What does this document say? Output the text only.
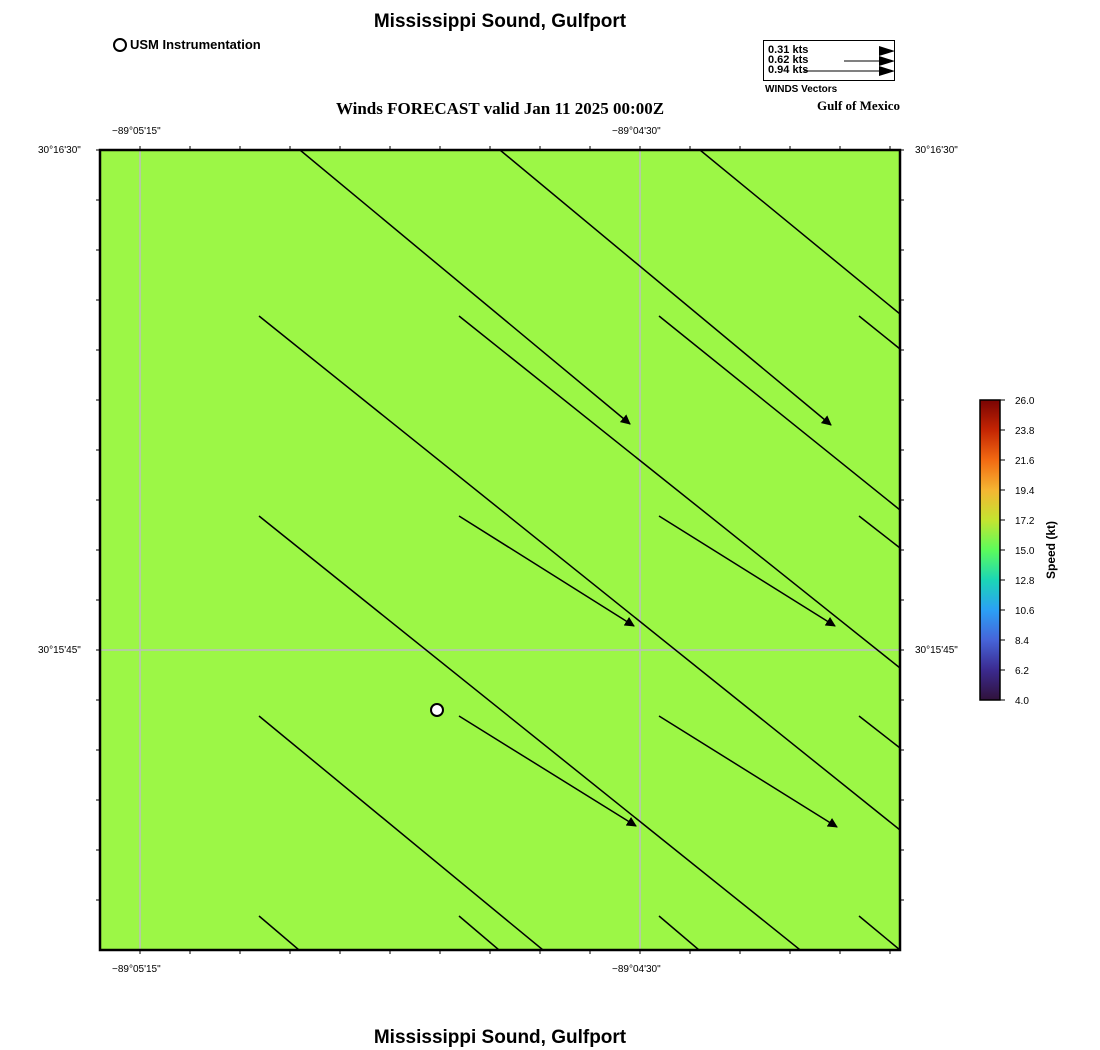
Mississippi Sound, Gulfport
USM Instrumentation	0.31 kts
0.62 kts
0.94 kts
WINDS Vectors
Gulf of Mexico
Winds FORECAST valid Jan 11 2025 00:00Z
−89°05'15"	−89°04'30"
−89°05'15"	−89°04'30"
30°16'30"
30°15'45"
30°16'30"
30°15'45"
26.0
23.8
21.6
19.4
17.2
15.0
12.8
10.6
8.4
6.2
4.0
Speed (kt)
Mississippi Sound, Gulfport
